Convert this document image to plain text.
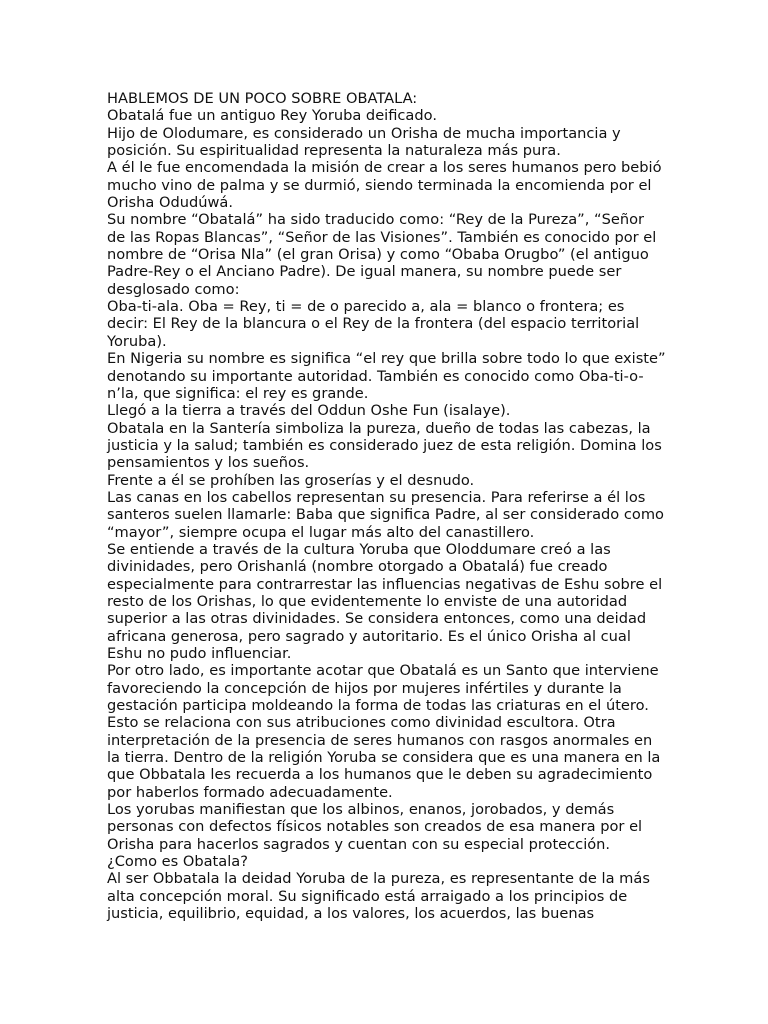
HABLEMOS DE UN POCO SOBRE OBATALA:
Obatalá fue un antiguo Rey Yoruba deificado.
Hijo de Olodumare, es considerado un Orisha de mucha importancia y
posición. Su espiritualidad representa la naturaleza más pura.
A él le fue encomendada la misión de crear a los seres humanos pero bebió
mucho vino de palma y se durmió, siendo terminada la encomienda por el
Orisha Odudúwá.
Su nombre “Obatalá” ha sido traducido como: “Rey de la Pureza”, “Señor
de las Ropas Blancas”, “Señor de las Visiones”. También es conocido por el
nombre de “Orisa Nla” (el gran Orisa) y como “Obaba Orugbo” (el antiguo
Padre-Rey o el Anciano Padre). De igual manera, su nombre puede ser
desglosado como:
Oba-ti-ala. Oba = Rey, ti = de o parecido a, ala = blanco o frontera; es
decir: El Rey de la blancura o el Rey de la frontera (del espacio territorial
Yoruba).
En Nigeria su nombre es significa “el rey que brilla sobre todo lo que existe”
denotando su importante autoridad. También es conocido como Oba-ti-o-
n’la, que significa: el rey es grande.
Llegó a la tierra a través del Oddun Oshe Fun (isalaye).
Obatala en la Santería simboliza la pureza, dueño de todas las cabezas, la
justicia y la salud; también es considerado juez de esta religión. Domina los
pensamientos y los sueños.
Frente a él se prohíben las groserías y el desnudo.
Las canas en los cabellos representan su presencia. Para referirse a él los
santeros suelen llamarle: Baba que significa Padre, al ser considerado como
“mayor”, siempre ocupa el lugar más alto del canastillero.
Se entiende a través de la cultura Yoruba que Oloddumare creó a las
divinidades, pero Orishanlá (nombre otorgado a Obatalá) fue creado
especialmente para contrarrestar las influencias negativas de Eshu sobre el
resto de los Orishas, lo que evidentemente lo enviste de una autoridad
superior a las otras divinidades. Se considera entonces, como una deidad
africana generosa, pero sagrado y autoritario. Es el único Orisha al cual
Eshu no pudo influenciar.
Por otro lado, es importante acotar que Obatalá es un Santo que interviene
favoreciendo la concepción de hijos por mujeres infértiles y durante la
gestación participa moldeando la forma de todas las criaturas en el útero.
Esto se relaciona con sus atribuciones como divinidad escultora. Otra
interpretación de la presencia de seres humanos con rasgos anormales en
la tierra. Dentro de la religión Yoruba se considera que es una manera en la
que Obbatala les recuerda a los humanos que le deben su agradecimiento
por haberlos formado adecuadamente.
Los yorubas manifiestan que los albinos, enanos, jorobados, y demás
personas con defectos físicos notables son creados de esa manera por el
Orisha para hacerlos sagrados y cuentan con su especial protección.
¿Como es Obatala?
Al ser Obbatala la deidad Yoruba de la pureza, es representante de la más
alta concepción moral. Su significado está arraigado a los principios de
justicia, equilibrio, equidad, a los valores, los acuerdos, las buenas
